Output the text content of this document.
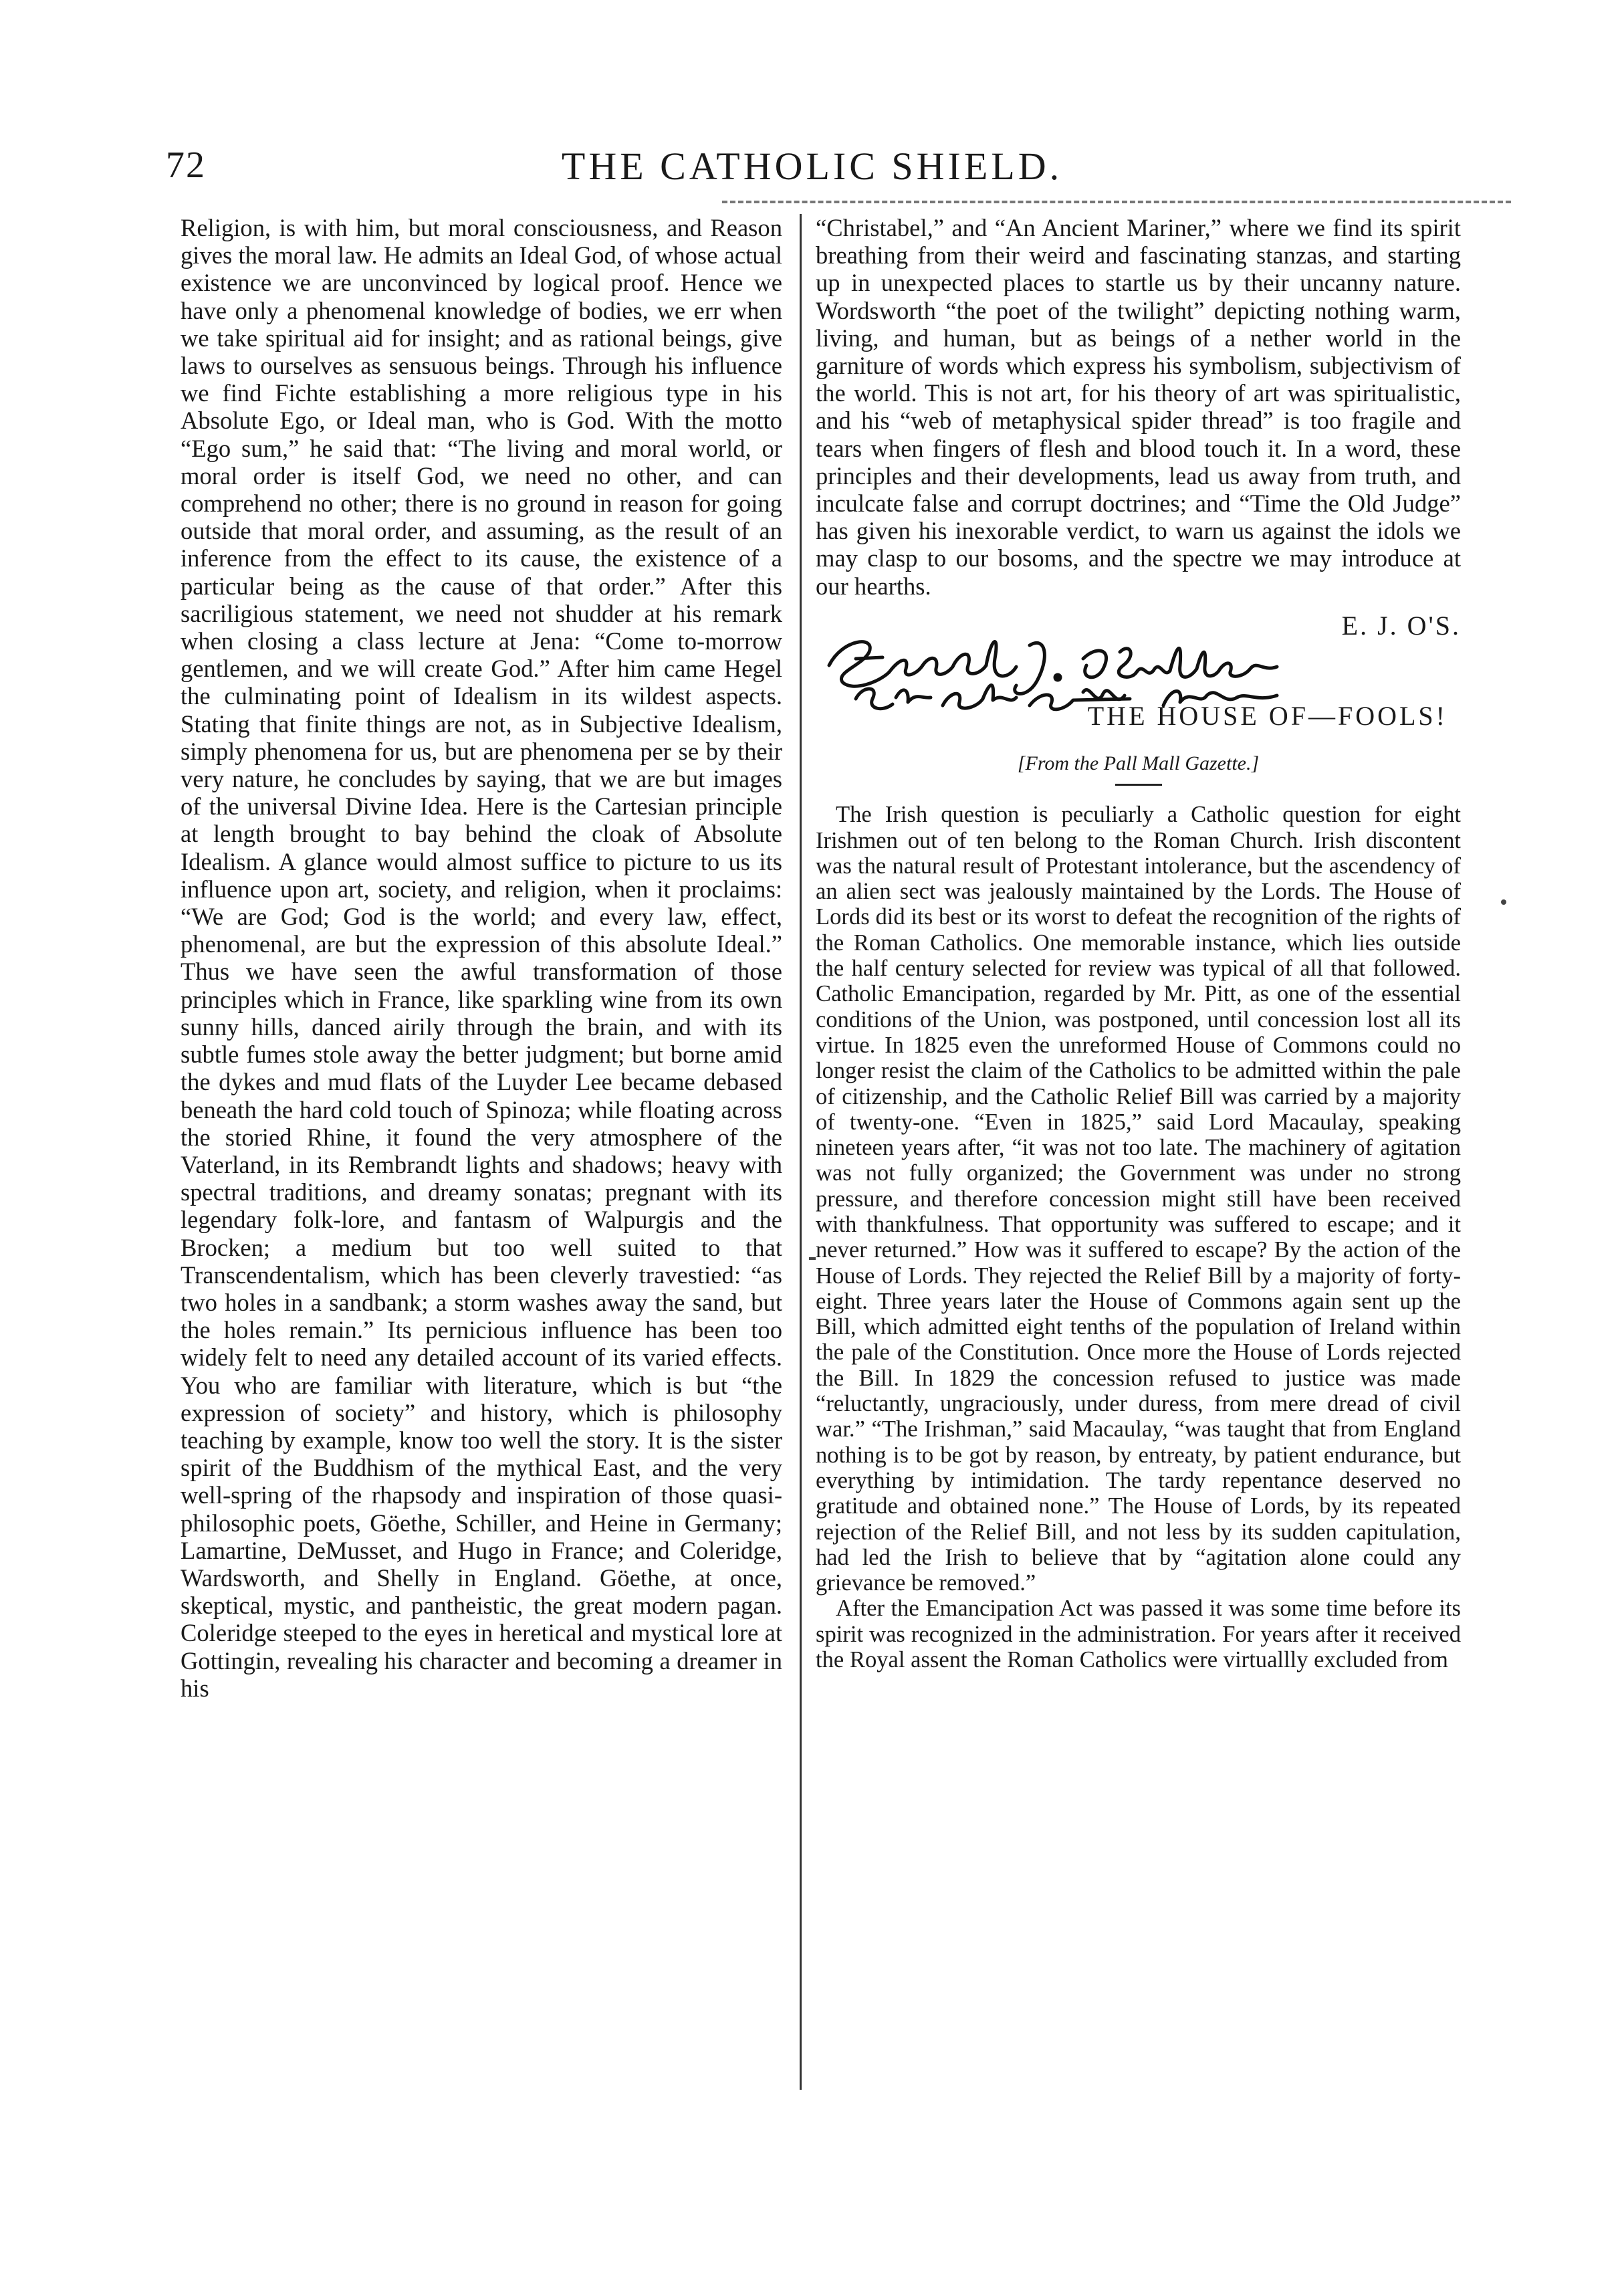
72	THE CATHOLIC SHIELD.

Religion, is with him, but moral consciousness, and Reason gives the moral law. He admits an Ideal God, of whose actual existence we are unconvinced by logical proof. Hence we have only a phenomenal knowledge of bodies, we err when we take spiritual aid for insight; and as rational beings, give laws to ourselves as sensuous beings. Through his influence we find Fichte establishing a more religious type in his Absolute Ego, or Ideal man, who is God. With the motto “Ego sum,” he said that: “The living and moral world, or moral order is itself God, we need no other, and can comprehend no other; there is no ground in reason for going outside that moral order, and assuming, as the result of an inference from the effect to its cause, the existence of a particular being as the cause of that order.” After this sacriligious statement, we need not shudder at his remark when closing a class lecture at Jena: “Come to-morrow gentlemen, and we will create God.” After him came Hegel the culminating point of Idealism in its wildest aspects. Stating that finite things are not, as in Subjective Idealism, simply phenomena for us, but are phenomena per se by their very nature, he concludes by saying, that we are but images of the universal Divine Idea. Here is the Cartesian principle at length brought to bay behind the cloak of Absolute Idealism. A glance would almost suffice to picture to us its influence upon art, society, and religion, when it proclaims: “We are God; God is the world; and every law, effect, phenomenal, are but the expression of this absolute Ideal.” Thus we have seen the awful transformation of those principles which in France, like sparkling wine from its own sunny hills, danced airily through the brain, and with its subtle fumes stole away the better judgment; but borne amid the dykes and mud flats of the Luyder Lee became debased beneath the hard cold touch of Spinoza; while floating across the storied Rhine, it found the very atmosphere of the Vaterland, in its Rembrandt lights and shadows; heavy with spectral traditions, and dreamy sonatas; pregnant with its legendary folk-lore, and fantasm of Walpurgis and the Brocken; a medium but too well suited to that Transcendentalism, which has been cleverly travestied: “as two holes in a sandbank; a storm washes away the sand, but the holes remain.” Its pernicious influence has been too widely felt to need any detailed account of its varied effects. You who are familiar with literature, which is but “the expression of society” and history, which is philosophy teaching by example, know too well the story. It is the sister spirit of the Buddhism of the mythical East, and the very well-spring of the rhapsody and inspiration of those quasi-philosophic poets, Göethe, Schiller, and Heine in Germany; Lamartine, DeMusset, and Hugo in France; and Coleridge, Wardsworth, and Shelly in England. Göethe, at once, skeptical, mystic, and pantheistic, the great modern pagan. Coleridge steeped to the eyes in heretical and mystical lore at Gottingin, revealing his character and becoming a dreamer in his

“Christabel,” and “An Ancient Mariner,” where we find its spirit breathing from their weird and fascinating stanzas, and starting up in unexpected places to startle us by their uncanny nature. Wordsworth “the poet of the twilight” depicting nothing warm, living, and human, but as beings of a nether world in the garniture of words which express his symbolism, subjectivism of the world. This is not art, for his theory of art was spiritualistic, and his “web of metaphysical spider thread” is too fragile and tears when fingers of flesh and blood touch it. In a word, these principles and their developments, lead us away from truth, and inculcate false and corrupt doctrines; and “Time the Old Judge” has given his inexorable verdict, to warn us against the idols we may clasp to our bosoms, and the spectre we may introduce at our hearths.

E. J. O'S.
THE HOUSE OF—FOOLS!
[From the Pall Mall Gazette.]

The Irish question is peculiarly a Catholic question for eight Irishmen out of ten belong to the Roman Church. Irish discontent was the natural result of Protestant intolerance, but the ascendency of an alien sect was jealously maintained by the Lords. The House of Lords did its best or its worst to defeat the recognition of the rights of the Roman Catholics. One memorable instance, which lies outside the half century selected for review was typical of all that followed. Catholic Emancipation, regarded by Mr. Pitt, as one of the essential conditions of the Union, was postponed, until concession lost all its virtue. In 1825 even the unreformed House of Commons could no longer resist the claim of the Catholics to be admitted within the pale of citizenship, and the Catholic Relief Bill was carried by a majority of twenty-one. “Even in 1825,” said Lord Macaulay, speaking nineteen years after, “it was not too late. The machinery of agitation was not fully organized; the Government was under no strong pressure, and therefore concession might still have been received with thankfulness. That opportunity was suffered to escape; and it never returned.” How was it suffered to escape? By the action of the House of Lords. They rejected the Relief Bill by a majority of forty-eight. Three years later the House of Commons again sent up the Bill, which admitted eight tenths of the population of Ireland within the pale of the Constitution. Once more the House of Lords rejected the Bill. In 1829 the concession refused to justice was made “reluctantly, ungraciously, under duress, from mere dread of civil war.” “The Irishman,” said Macaulay, “was taught that from England nothing is to be got by reason, by entreaty, by patient endurance, but everything by intimidation. The tardy repentance deserved no gratitude and obtained none.” The House of Lords, by its repeated rejection of the Relief Bill, and not less by its sudden capitulation, had led the Irish to believe that by “agitation alone could any grievance be removed.”

After the Emancipation Act was passed it was some time before its spirit was recognized in the administration. For years after it received the Royal assent the Roman Catholics were virtuallly excluded from
